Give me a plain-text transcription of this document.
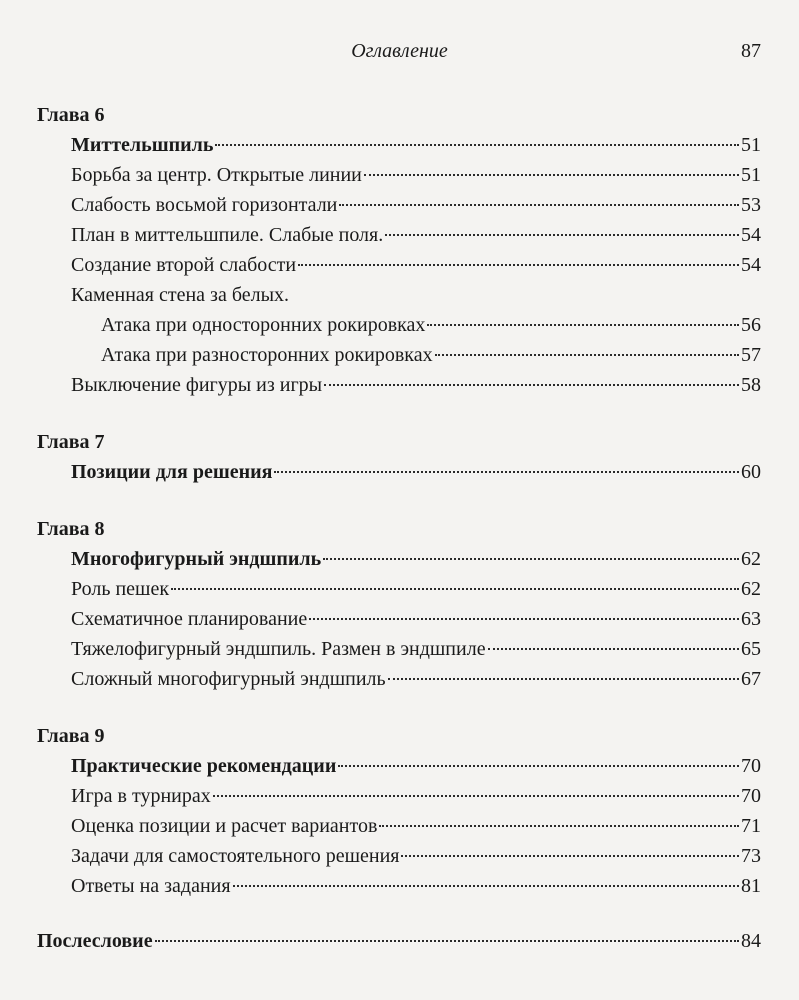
Оглавление	87
Глава 6
Миттельшпиль	51
Борьба за центр. Открытые линии	51
Слабость восьмой горизонтали	53
План в миттельшпиле. Слабые поля.	54
Создание второй слабости	54
Каменная стена за белых.
Атака при односторонних рокировках	56
Атака при разносторонних рокировках	57
Выключение фигуры из игры	58
Глава 7
Позиции для решения	60
Глава 8
Многофигурный эндшпиль	62
Роль пешек	62
Схематичное планирование	63
Тяжелофигурный эндшпиль. Размен в эндшпиле	65
Сложный многофигурный эндшпиль	67
Глава 9
Практические рекомендации	70
Игра в турнирах	70
Оценка позиции и расчет вариантов	71
Задачи для самостоятельного решения	73
Ответы на задания	81
Послесловие	84
